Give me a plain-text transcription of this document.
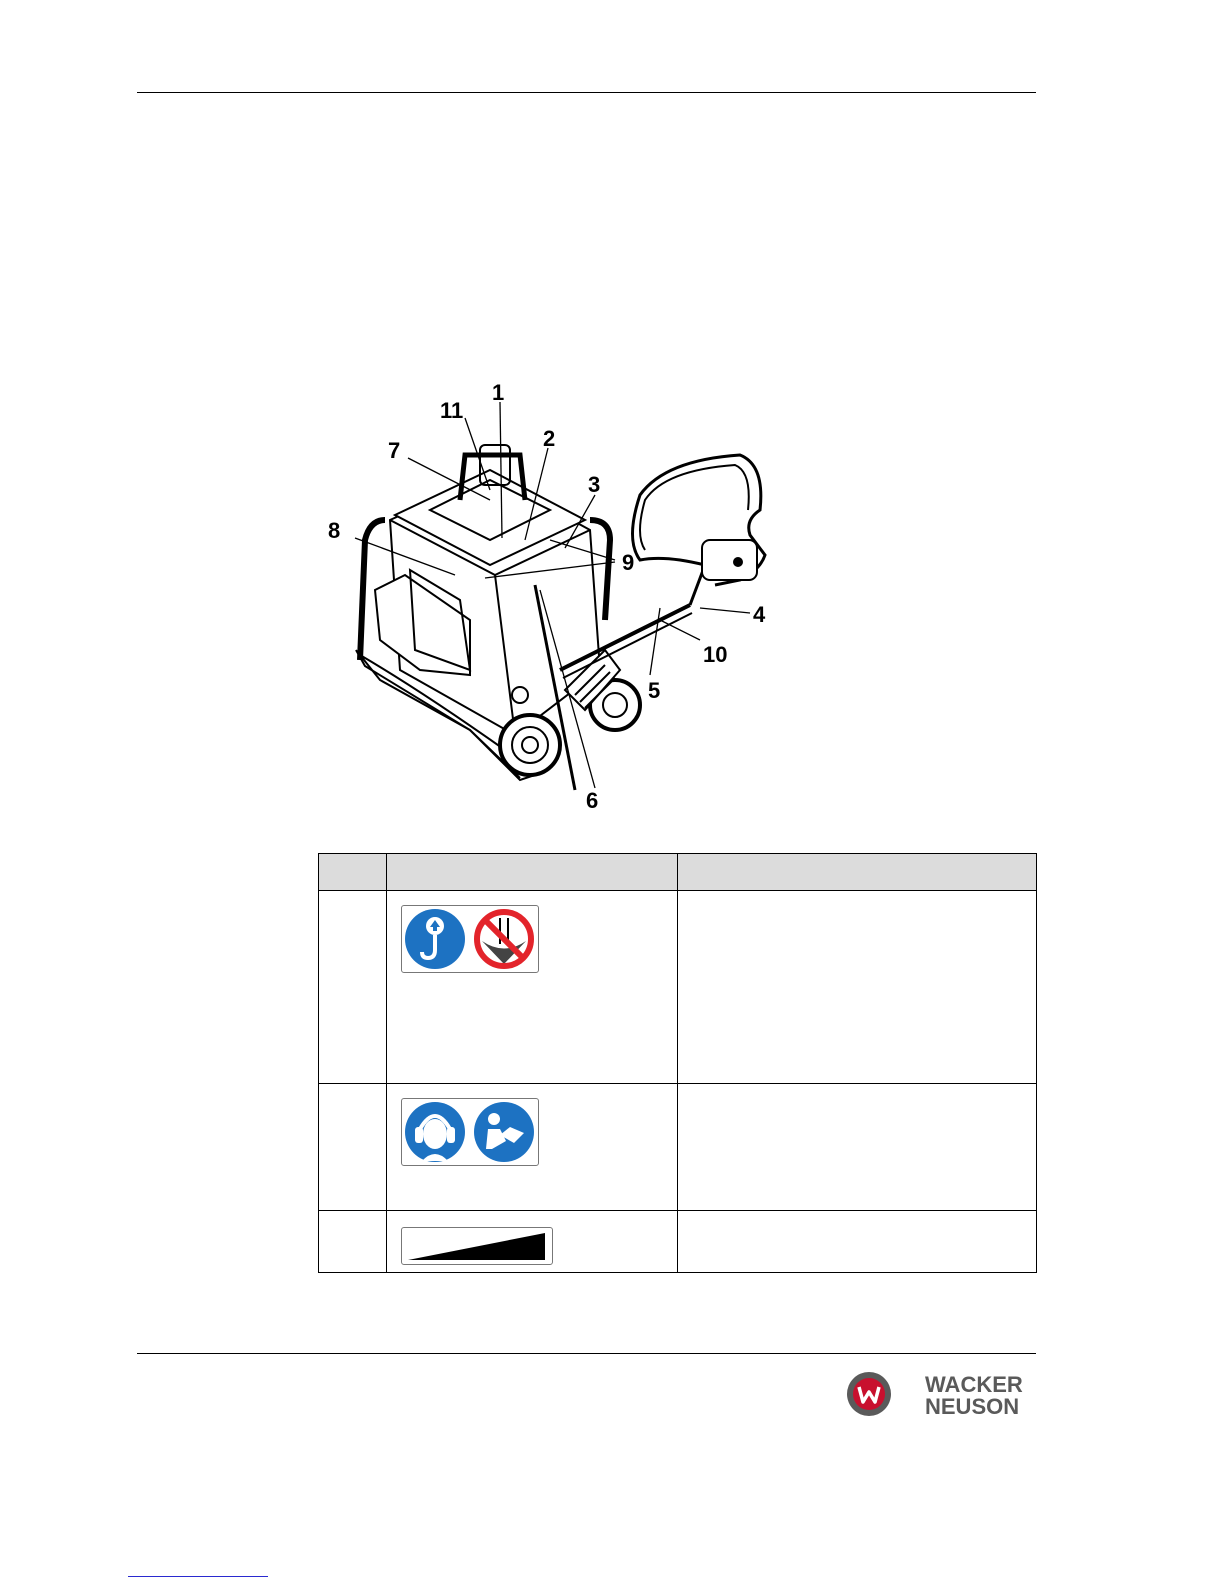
1
2
3
4
5
6
7
8
9
10
11

WACKER
NEUSON
